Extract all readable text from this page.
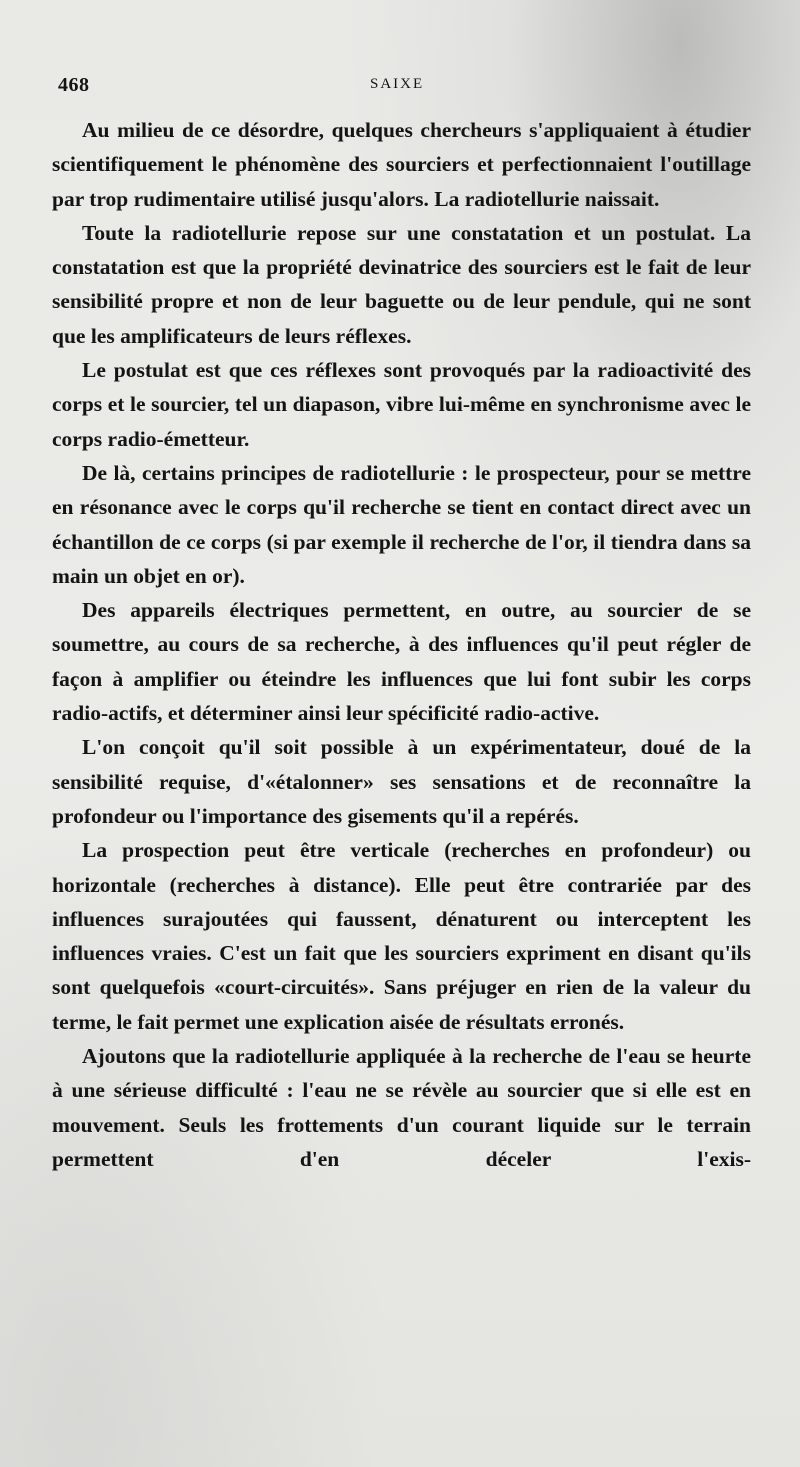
468	SAIXE

Au milieu de ce désordre, quelques chercheurs s'appliquaient à étudier scientifiquement le phénomène des sourciers et perfectionnaient l'outillage par trop rudimentaire utilisé jusqu'alors. La radiotellurie naissait.

Toute la radiotellurie repose sur une constatation et un postulat. La constatation est que la propriété devinatrice des sourciers est le fait de leur sensibilité propre et non de leur baguette ou de leur pendule, qui ne sont que les amplificateurs de leurs réflexes.

Le postulat est que ces réflexes sont provoqués par la radioactivité des corps et le sourcier, tel un diapason, vibre lui-même en synchronisme avec le corps radio-émetteur.

De là, certains principes de radiotellurie : le prospecteur, pour se mettre en résonance avec le corps qu'il recherche se tient en contact direct avec un échantillon de ce corps (si par exemple il recherche de l'or, il tiendra dans sa main un objet en or).

Des appareils électriques permettent, en outre, au sourcier de se soumettre, au cours de sa recherche, à des influences qu'il peut régler de façon à amplifier ou éteindre les influences que lui font subir les corps radio-actifs, et déterminer ainsi leur spécificité radio-active.

L'on conçoit qu'il soit possible à un expérimentateur, doué de la sensibilité requise, d'«étalonner» ses sensations et de reconnaître la profondeur ou l'importance des gisements qu'il a repérés.

La prospection peut être verticale (recherches en profondeur) ou horizontale (recherches à distance). Elle peut être contrariée par des influences surajoutées qui faussent, dénaturent ou interceptent les influences vraies. C'est un fait que les sourciers expriment en disant qu'ils sont quelquefois «court-circuités». Sans préjuger en rien de la valeur du terme, le fait permet une explication aisée de résultats erronés.

Ajoutons que la radiotellurie appliquée à la recherche de l'eau se heurte à une sérieuse difficulté : l'eau ne se révèle au sourcier que si elle est en mouvement. Seuls les frottements d'un courant liquide sur le terrain permettent d'en déceler l'exis-
